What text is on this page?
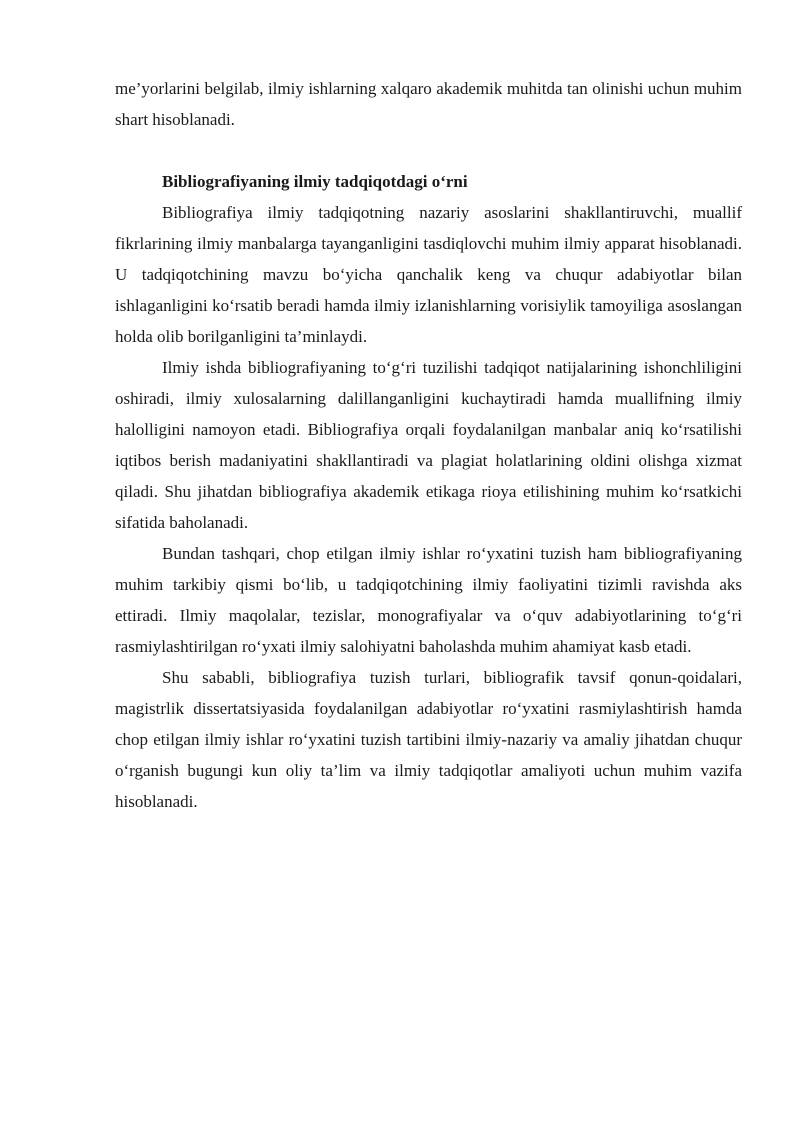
me’yorlarini belgilab, ilmiy ishlarning xalqaro akademik muhitda tan olinishi uchun muhim shart hisoblanadi.

Bibliografiyaning ilmiy tadqiqotdagi o‘rni

Bibliografiya ilmiy tadqiqotning nazariy asoslarini shakllantiruvchi, muallif fikrlarining ilmiy manbalarga tayanganligini tasdiqlovchi muhim ilmiy apparat hisoblanadi. U tadqiqotchining mavzu bo‘yicha qanchalik keng va chuqur adabiyotlar bilan ishlaganligini ko‘rsatib beradi hamda ilmiy izlanishlarning vorisiylik tamoyiliga asoslangan holda olib borilganligini ta’minlaydi.

Ilmiy ishda bibliografiyaning to‘g‘ri tuzilishi tadqiqot natijalarining ishonchliligini oshiradi, ilmiy xulosalarning dalillanganligini kuchaytiradi hamda muallifning ilmiy halolligini namoyon etadi. Bibliografiya orqali foydalanilgan manbalar aniq ko‘rsatilishi iqtibos berish madaniyatini shakllantiradi va plagiat holatlarining oldini olishga xizmat qiladi. Shu jihatdan bibliografiya akademik etikaga rioya etilishining muhim ko‘rsatkichi sifatida baholanadi.

Bundan tashqari, chop etilgan ilmiy ishlar ro‘yxatini tuzish ham bibliografiyaning muhim tarkibiy qismi bo‘lib, u tadqiqotchining ilmiy faoliyatini tizimli ravishda aks ettiradi. Ilmiy maqolalar, tezislar, monografiyalar va o‘quv adabiyotlarining to‘g‘ri rasmiylashtirilgan ro‘yxati ilmiy salohiyatni baholashda muhim ahamiyat kasb etadi.

Shu sababli, bibliografiya tuzish turlari, bibliografik tavsif qonun-qoidalari, magistrlik dissertatsiyasida foydalanilgan adabiyotlar ro‘yxatini rasmiylashtirish hamda chop etilgan ilmiy ishlar ro‘yxatini tuzish tartibini ilmiy-nazariy va amaliy jihatdan chuqur o‘rganish bugungi kun oliy ta’lim va ilmiy tadqiqotlar amaliyoti uchun muhim vazifa hisoblanadi.
